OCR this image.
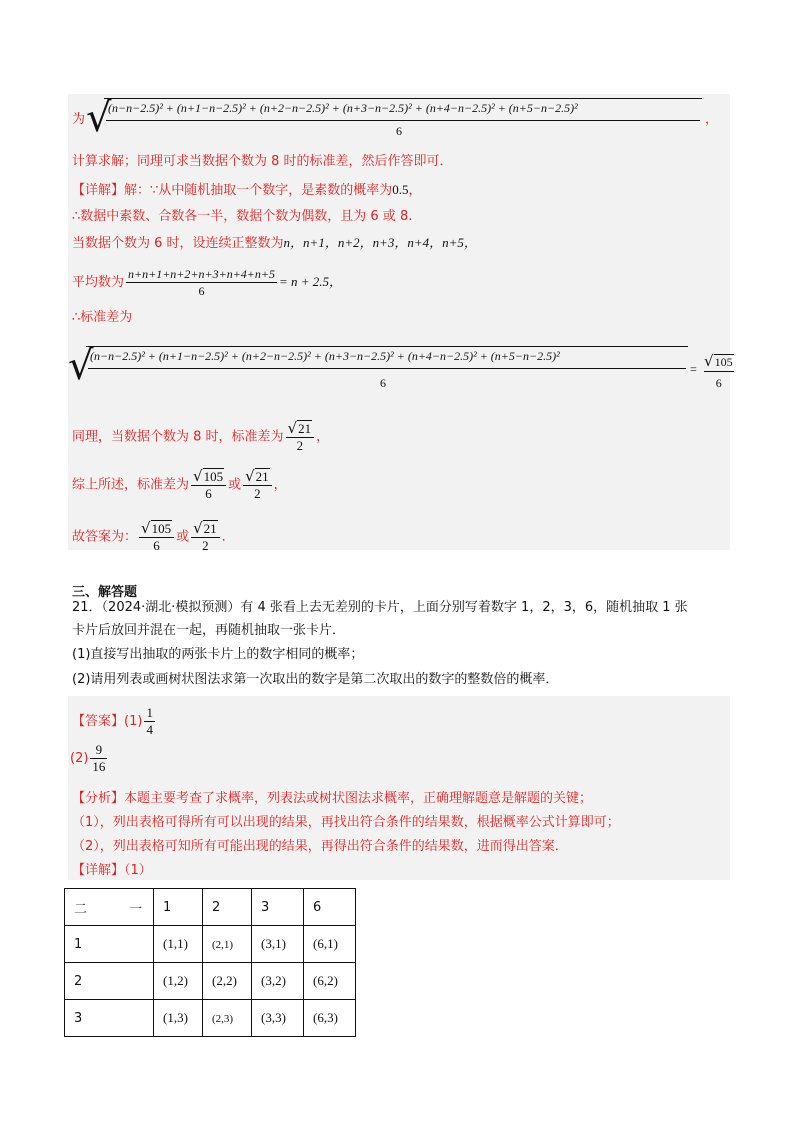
为 √
(n−n−2.5)² + (n+1−n−2.5)² + (n+2−n−2.5)² + (n+3−n−2.5)² + (n+4−n−2.5)² + (n+5−n−2.5)²
6
，
计算求解；同理可求当数据个数为 8 时的标准差，然后作答即可．
【详解】解：∵从中随机抽取一个数字，是素数的概率为0.5，
∴数据中素数、合数各一半，数据个数为偶数，且为 6 或 8.
当数据个数为 6 时，设连续正整数为n，n+1，n+2，n+3，n+4，n+5，
平均数为 $\frac{n+n+1+n+2+n+3+n+4+n+5}{6} = n + 2.5$，
∴标准差为
√
(n−n−2.5)² + (n+1−n−2.5)² + (n+2−n−2.5)² + (n+3−n−2.5)² + (n+4−n−2.5)² + (n+5−n−2.5)²
6
= √105
6
同理，当数据个数为 8 时，标准差为 $\frac{√21}{2}$ ，
综上所述，标准差为 $\frac{√105}{6}$ 或 $\frac{√21}{2}$ ，
故答案为： $\frac{√105}{6}$ 或 $\frac{√21}{2}$ ．
三、解答题
21．（2024·湖北·模拟预测）有 4 张看上去无差别的卡片，上面分别写着数字 1，2，3，6，随机抽取 1 张
卡片后放回并混在一起，再随机抽取一张卡片．
(1)直接写出抽取的两张卡片上的数字相同的概率；
(2)请用列表或画树状图法求第一次取出的数字是第二次取出的数字的整数倍的概率．
【答案】$(1) \frac{1}{4}$
$(2) \frac{9}{16}$
【分析】本题主要考查了求概率，列表法或树状图法求概率，正确理解题意是解题的关键；
（1），列出表格可得所有可以出现的结果，再找出符合条件的结果数，根据概率公式计算即可；
（2），列出表格可知所有可能出现的结果，再得出符合条件的结果数，进而得出答案．
【详解】（1）
二 一	1	2	3	6
1	(1,1)	(2,1)	(3,1)	(6,1)
2	(1,2)	(2,2)	(3,2)	(6,2)
3	(1,3)	(2,3)	(3,3)	(6,3)
